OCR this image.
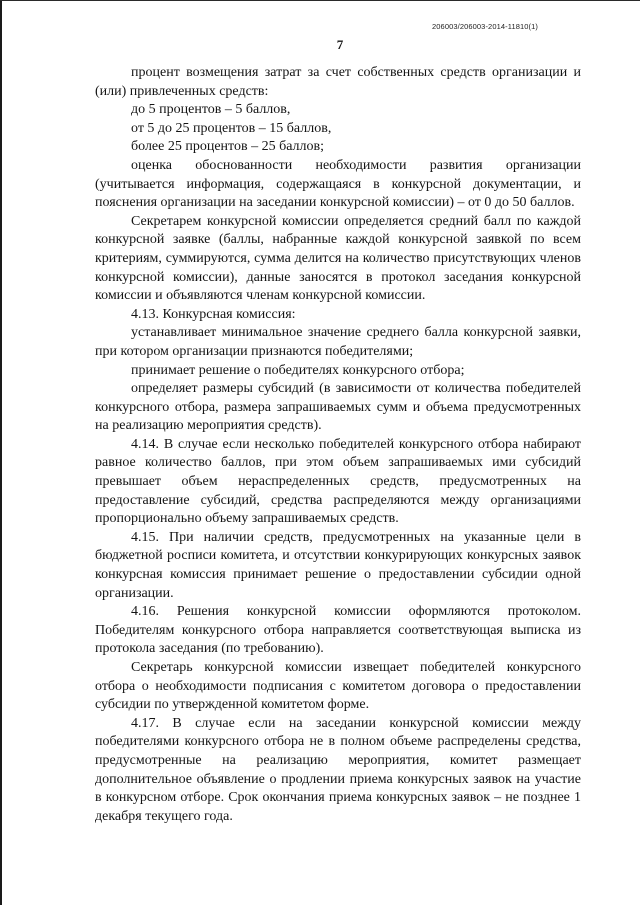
206003/206003-2014-11810(1)
7

процент возмещения затрат за счет собственных средств организации и (или) привлеченных средств:

до 5 процентов – 5 баллов,

от 5 до 25 процентов – 15 баллов,

более 25 процентов – 25 баллов;

оценка обоснованности необходимости развития организации (учитывается информация, содержащаяся в конкурсной документации, и пояснения организации на заседании конкурсной комиссии) – от 0 до 50 баллов.

Секретарем конкурсной комиссии определяется средний балл по каждой конкурсной заявке (баллы, набранные каждой конкурсной заявкой по всем критериям, суммируются, сумма делится на количество присутствующих членов конкурсной комиссии), данные заносятся в протокол заседания конкурсной комиссии и объявляются членам конкурсной комиссии.

4.13. Конкурсная комиссия:

устанавливает минимальное значение среднего балла конкурсной заявки, при котором организации признаются победителями;

принимает решение о победителях конкурсного отбора;

определяет размеры субсидий (в зависимости от количества победителей конкурсного отбора, размера запрашиваемых сумм и объема предусмотренных на реализацию мероприятия средств).

4.14. В случае если несколько победителей конкурсного отбора набирают равное количество баллов, при этом объем запрашиваемых ими субсидий превышает объем нераспределенных средств, предусмотренных на предоставление субсидий, средства распределяются между организациями пропорционально объему запрашиваемых средств.

4.15. При наличии средств, предусмотренных на указанные цели в бюджетной росписи комитета, и отсутствии конкурирующих конкурсных заявок конкурсная комиссия принимает решение о предоставлении субсидии одной организации.

4.16. Решения конкурсной комиссии оформляются протоколом. Победителям конкурсного отбора направляется соответствующая выписка из протокола заседания (по требованию).

Секретарь конкурсной комиссии извещает победителей конкурсного отбора о необходимости подписания с комитетом договора о предоставлении субсидии по утвержденной комитетом форме.

4.17. В случае если на заседании конкурсной комиссии между победителями конкурсного отбора не в полном объеме распределены средства, предусмотренные на реализацию мероприятия, комитет размещает дополнительное объявление о продлении приема конкурсных заявок на участие в конкурсном отборе. Срок окончания приема конкурсных заявок – не позднее 1 декабря текущего года.
